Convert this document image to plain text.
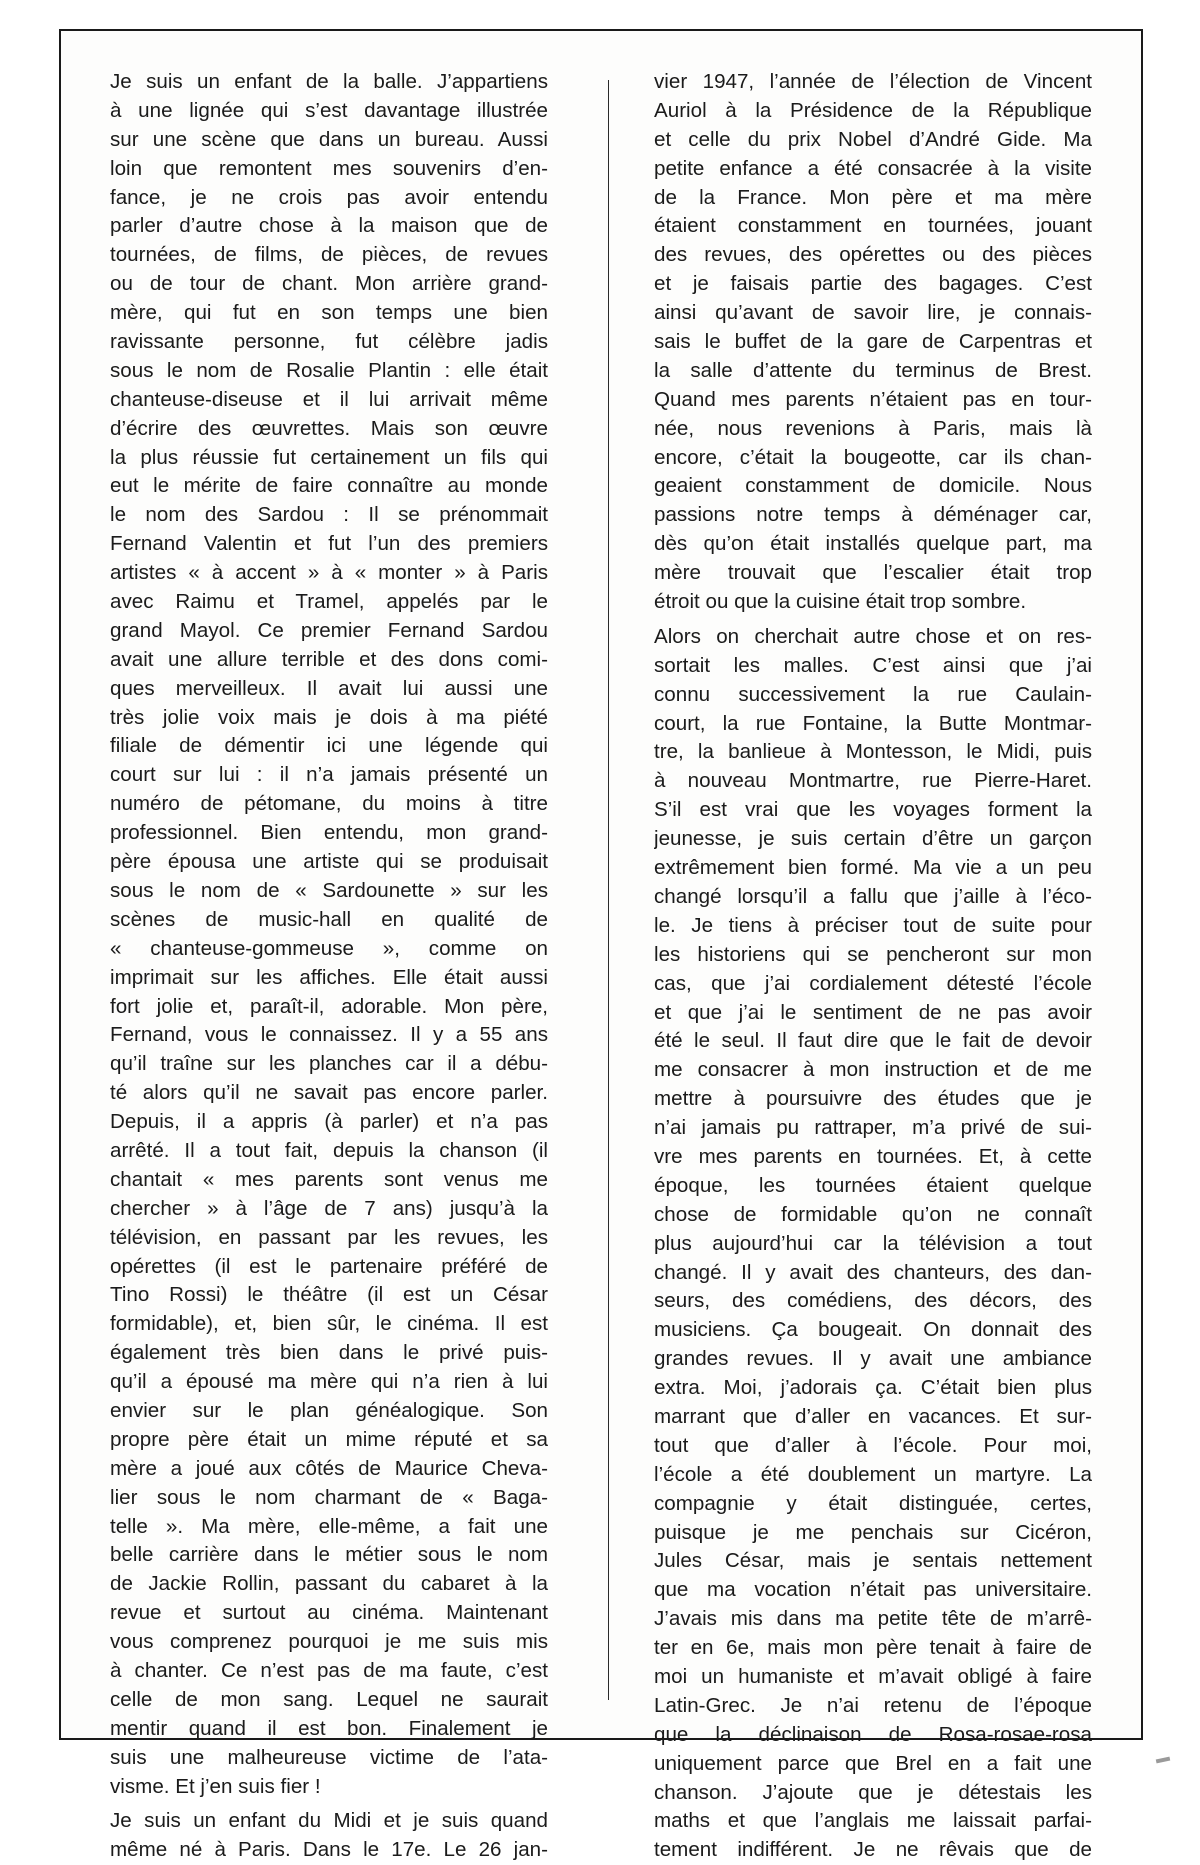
Je suis un enfant de la balle. J’appartiens
à une lignée qui s’est davantage illustrée
sur une scène que dans un bureau. Aussi
loin que remontent mes souvenirs d’en-
fance, je ne crois pas avoir entendu
parler d’autre chose à la maison que de
tournées, de films, de pièces, de revues
ou de tour de chant. Mon arrière grand-
mère, qui fut en son temps une bien
ravissante personne, fut célèbre jadis
sous le nom de Rosalie Plantin : elle était
chanteuse-diseuse et il lui arrivait même
d’écrire des œuvrettes. Mais son œuvre
la plus réussie fut certainement un fils qui
eut le mérite de faire connaître au monde
le nom des Sardou : Il se prénommait
Fernand Valentin et fut l’un des premiers
artistes « à accent » à « monter » à Paris
avec Raimu et Tramel, appelés par le
grand Mayol. Ce premier Fernand Sardou
avait une allure terrible et des dons comi-
ques merveilleux. Il avait lui aussi une
très jolie voix mais je dois à ma piété
filiale de démentir ici une légende qui
court sur lui : il n’a jamais présenté un
numéro de pétomane, du moins à titre
professionnel. Bien entendu, mon grand-
père épousa une artiste qui se produisait
sous le nom de « Sardounette » sur les
scènes de music-hall en qualité de
« chanteuse-gommeuse », comme on
imprimait sur les affiches. Elle était aussi
fort jolie et, paraît-il, adorable. Mon père,
Fernand, vous le connaissez. Il y a 55 ans
qu’il traîne sur les planches car il a débu-
té alors qu’il ne savait pas encore parler.
Depuis, il a appris (à parler) et n’a pas
arrêté. Il a tout fait, depuis la chanson (il
chantait « mes parents sont venus me
chercher » à l’âge de 7 ans) jusqu’à la
télévision, en passant par les revues, les
opérettes (il est le partenaire préféré de
Tino Rossi) le théâtre (il est un César
formidable), et, bien sûr, le cinéma. Il est
également très bien dans le privé puis-
qu’il a épousé ma mère qui n’a rien à lui
envier sur le plan généalogique. Son
propre père était un mime réputé et sa
mère a joué aux côtés de Maurice Cheva-
lier sous le nom charmant de « Baga-
telle ». Ma mère, elle-même, a fait une
belle carrière dans le métier sous le nom
de Jackie Rollin, passant du cabaret à la
revue et surtout au cinéma. Maintenant
vous comprenez pourquoi je me suis mis
à chanter. Ce n’est pas de ma faute, c’est
celle de mon sang. Lequel ne saurait
mentir quand il est bon. Finalement je
suis une malheureuse victime de l’ata-
visme. Et j’en suis fier !
Je suis un enfant du Midi et je suis quand
même né à Paris. Dans le 17e. Le 26 jan-
vier 1947, l’année de l’élection de Vincent
Auriol à la Présidence de la République
et celle du prix Nobel d’André Gide. Ma
petite enfance a été consacrée à la visite
de la France. Mon père et ma mère
étaient constamment en tournées, jouant
des revues, des opérettes ou des pièces
et je faisais partie des bagages. C’est
ainsi qu’avant de savoir lire, je connais-
sais le buffet de la gare de Carpentras et
la salle d’attente du terminus de Brest.
Quand mes parents n’étaient pas en tour-
née, nous revenions à Paris, mais là
encore, c’était la bougeotte, car ils chan-
geaient constamment de domicile. Nous
passions notre temps à déménager car,
dès qu’on était installés quelque part, ma
mère trouvait que l’escalier était trop
étroit ou que la cuisine était trop sombre.
Alors on cherchait autre chose et on res-
sortait les malles. C’est ainsi que j’ai
connu successivement la rue Caulain-
court, la rue Fontaine, la Butte Montmar-
tre, la banlieue à Montesson, le Midi, puis
à nouveau Montmartre, rue Pierre-Haret.
S’il est vrai que les voyages forment la
jeunesse, je suis certain d’être un garçon
extrêmement bien formé. Ma vie a un peu
changé lorsqu’il a fallu que j’aille à l’éco-
le. Je tiens à préciser tout de suite pour
les historiens qui se pencheront sur mon
cas, que j’ai cordialement détesté l’école
et que j’ai le sentiment de ne pas avoir
été le seul. Il faut dire que le fait de devoir
me consacrer à mon instruction et de me
mettre à poursuivre des études que je
n’ai jamais pu rattraper, m’a privé de sui-
vre mes parents en tournées. Et, à cette
époque, les tournées étaient quelque
chose de formidable qu’on ne connaît
plus aujourd’hui car la télévision a tout
changé. Il y avait des chanteurs, des dan-
seurs, des comédiens, des décors, des
musiciens. Ça bougeait. On donnait des
grandes revues. Il y avait une ambiance
extra. Moi, j’adorais ça. C’était bien plus
marrant que d’aller en vacances. Et sur-
tout que d’aller à l’école. Pour moi,
l’école a été doublement un martyre. La
compagnie y était distinguée, certes,
puisque je me penchais sur Cicéron,
Jules César, mais je sentais nettement
que ma vocation n’était pas universitaire.
J’avais mis dans ma petite tête de m’arrê-
ter en 6e, mais mon père tenait à faire de
moi un humaniste et m’avait obligé à faire
Latin-Grec. Je n’ai retenu de l’époque
que la déclinaison de Rosa-rosae-rosa
uniquement parce que Brel en a fait une
chanson. J’ajoute que je détestais les
maths et que l’anglais me laissait parfai-
tement indifférent. Je ne rêvais que de
